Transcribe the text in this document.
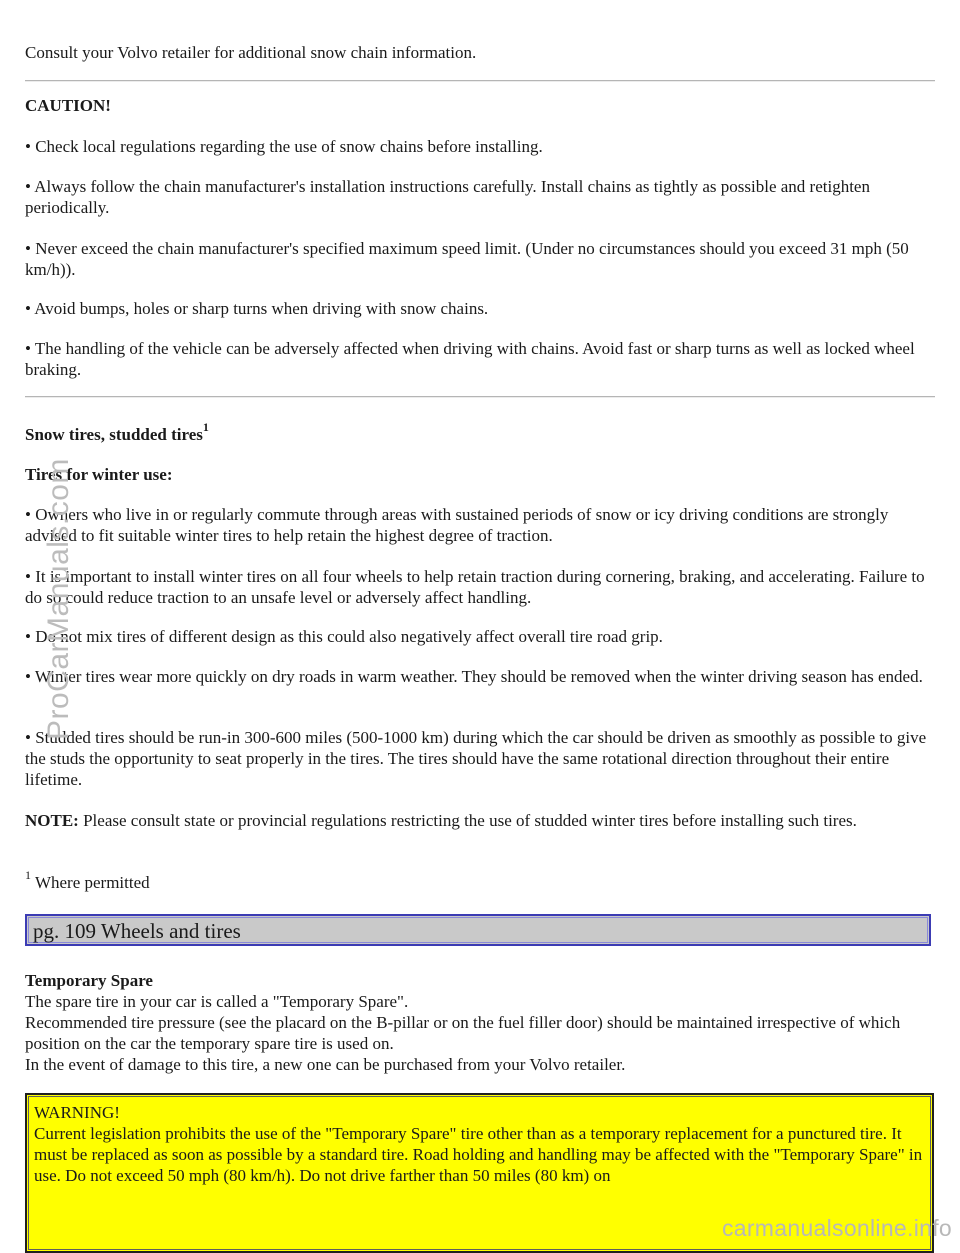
Consult your Volvo retailer for additional snow chain information.

CAUTION!

• Check local regulations regarding the use of snow chains before installing.

• Always follow the chain manufacturer's installation instructions carefully. Install chains as tightly as possible and retighten periodically.

• Never exceed the chain manufacturer's specified maximum speed limit. (Under no circumstances should you exceed 31 mph (50 km/h)).

• Avoid bumps, holes or sharp turns when driving with snow chains.

• The handling of the vehicle can be adversely affected when driving with chains. Avoid fast or sharp turns as well as locked wheel braking.

Snow tires, studded tires$^1$

Tires for winter use:

• Owners who live in or regularly commute through areas with sustained periods of snow or icy driving conditions are strongly advised to fit suitable winter tires to help retain the highest degree of traction.

• It is important to install winter tires on all four wheels to help retain traction during cornering, braking, and accelerating. Failure to do so could reduce traction to an unsafe level or adversely affect handling.

• Do not mix tires of different design as this could also negatively affect overall tire road grip.

• Winter tires wear more quickly on dry roads in warm weather. They should be removed when the winter driving season has ended.

• Studded tires should be run-in 300-600 miles (500-1000 km) during which the car should be driven as smoothly as possible to give the studs the opportunity to seat properly in the tires. The tires should have the same rotational direction throughout their entire lifetime.

NOTE: Please consult state or provincial regulations restricting the use of studded winter tires before installing such tires.

$^1$ Where permitted

pg. 109 Wheels and tires

Temporary Spare

The spare tire in your car is called a "Temporary Spare".

Recommended tire pressure (see the placard on the B-pillar or on the fuel filler door) should be maintained irrespective of which position on the car the temporary spare tire is used on.

In the event of damage to this tire, a new one can be purchased from your Volvo retailer.

WARNING!

Current legislation prohibits the use of the "Temporary Spare" tire other than as a temporary replacement for a punctured tire. It must be replaced as soon as possible by a standard tire. Road holding and handling may be affected with the "Temporary Spare" in use. Do not exceed 50 mph (80 km/h). Do not drive farther than 50 miles (80 km) on

ProCarManuals.com
carmanualsonline.info
